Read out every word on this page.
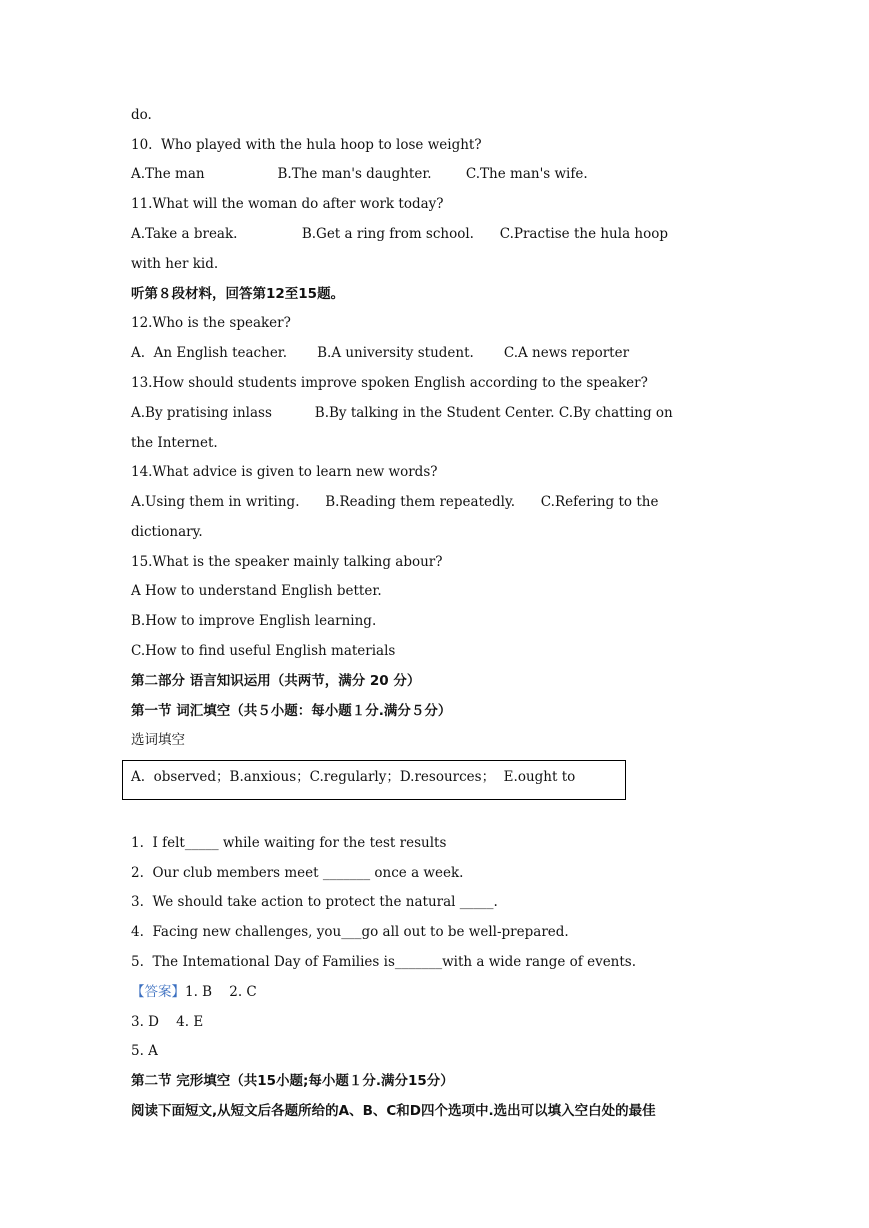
do.

10.  Who played with the hula hoop to lose weight?

A.The man                 B.The man's daughter.        C.The man's wife.

11.What will the woman do after work today?

A.Take a break.               B.Get a ring from school.      C.Practise the hula hoop

with her kid.

听第８段材料，回答第12至15题。

12.Who is the speaker?

A.  An English teacher.       B.A university student.       C.A news reporter

13.How should students improve spoken English according to the speaker?

A.By pratising inlass          B.By talking in the Student Center. C.By chatting on

the Internet.

14.What advice is given to learn new words?

A.Using them in writing.      B.Reading them repeatedly.      C.Refering to the

dictionary.

15.What is the speaker mainly talking abour?

A How to understand English better.

B.How to improve English learning.

C.How to find useful English materials

第二部分 语言知识运用（共两节，满分 20 分）

第一节 词汇填空（共５小题：每小题１分.满分５分）

选词填空

A.  observed；B.anxious；C.regularly；D.resources；  E.ought to

1.  I felt_____ while waiting for the test results

2.  Our club members meet _______ once a week.

3.  We should take action to protect the natural _____.

4.  Facing new challenges, you___go all out to be well-prepared.

5.  The Intemational Day of Families is_______with a wide range of events.

【答案】1. B    2. C

3. D    4. E

5. A

第二节 完形填空（共15小题;每小题１分.满分15分）

阅读下面短文,从短文后各题所给的A、B、C和D四个选项中.选出可以填入空白处的最佳
